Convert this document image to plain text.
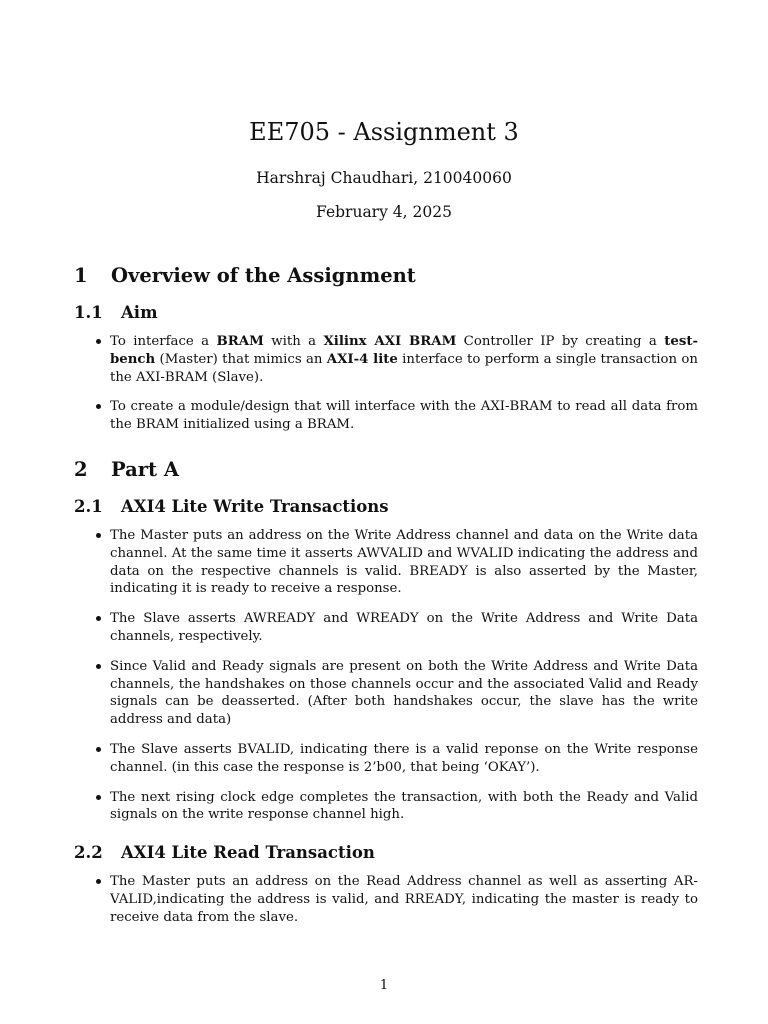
EE705 - Assignment 3
Harshraj Chaudhari, 210040060
February 4, 2025
1 Overview of the Assignment
1.1 Aim
To interface a BRAM with a Xilinx AXI BRAM Controller IP by creating a test-bench (Master) that mimics an AXI-4 lite interface to perform a single transaction on the AXI-BRAM (Slave).
To create a module/design that will interface with the AXI-BRAM to read all data from the BRAM initialized using a BRAM.
2 Part A
2.1 AXI4 Lite Write Transactions
The Master puts an address on the Write Address channel and data on the Write data channel. At the same time it asserts AWVALID and WVALID indicating the address and data on the respective channels is valid. BREADY is also asserted by the Master, indicating it is ready to receive a response.
The Slave asserts AWREADY and WREADY on the Write Address and Write Data channels, respectively.
Since Valid and Ready signals are present on both the Write Address and Write Data channels, the handshakes on those channels occur and the associated Valid and Ready signals can be deasserted. (After both handshakes occur, the slave has the write address and data)
The Slave asserts BVALID, indicating there is a valid reponse on the Write response channel. (in this case the response is 2’b00, that being ‘OKAY’).
The next rising clock edge completes the transaction, with both the Ready and Valid signals on the write response channel high.
2.2 AXI4 Lite Read Transaction
The Master puts an address on the Read Address channel as well as asserting AR-VALID,indicating the address is valid, and RREADY, indicating the master is ready to receive data from the slave.
1
